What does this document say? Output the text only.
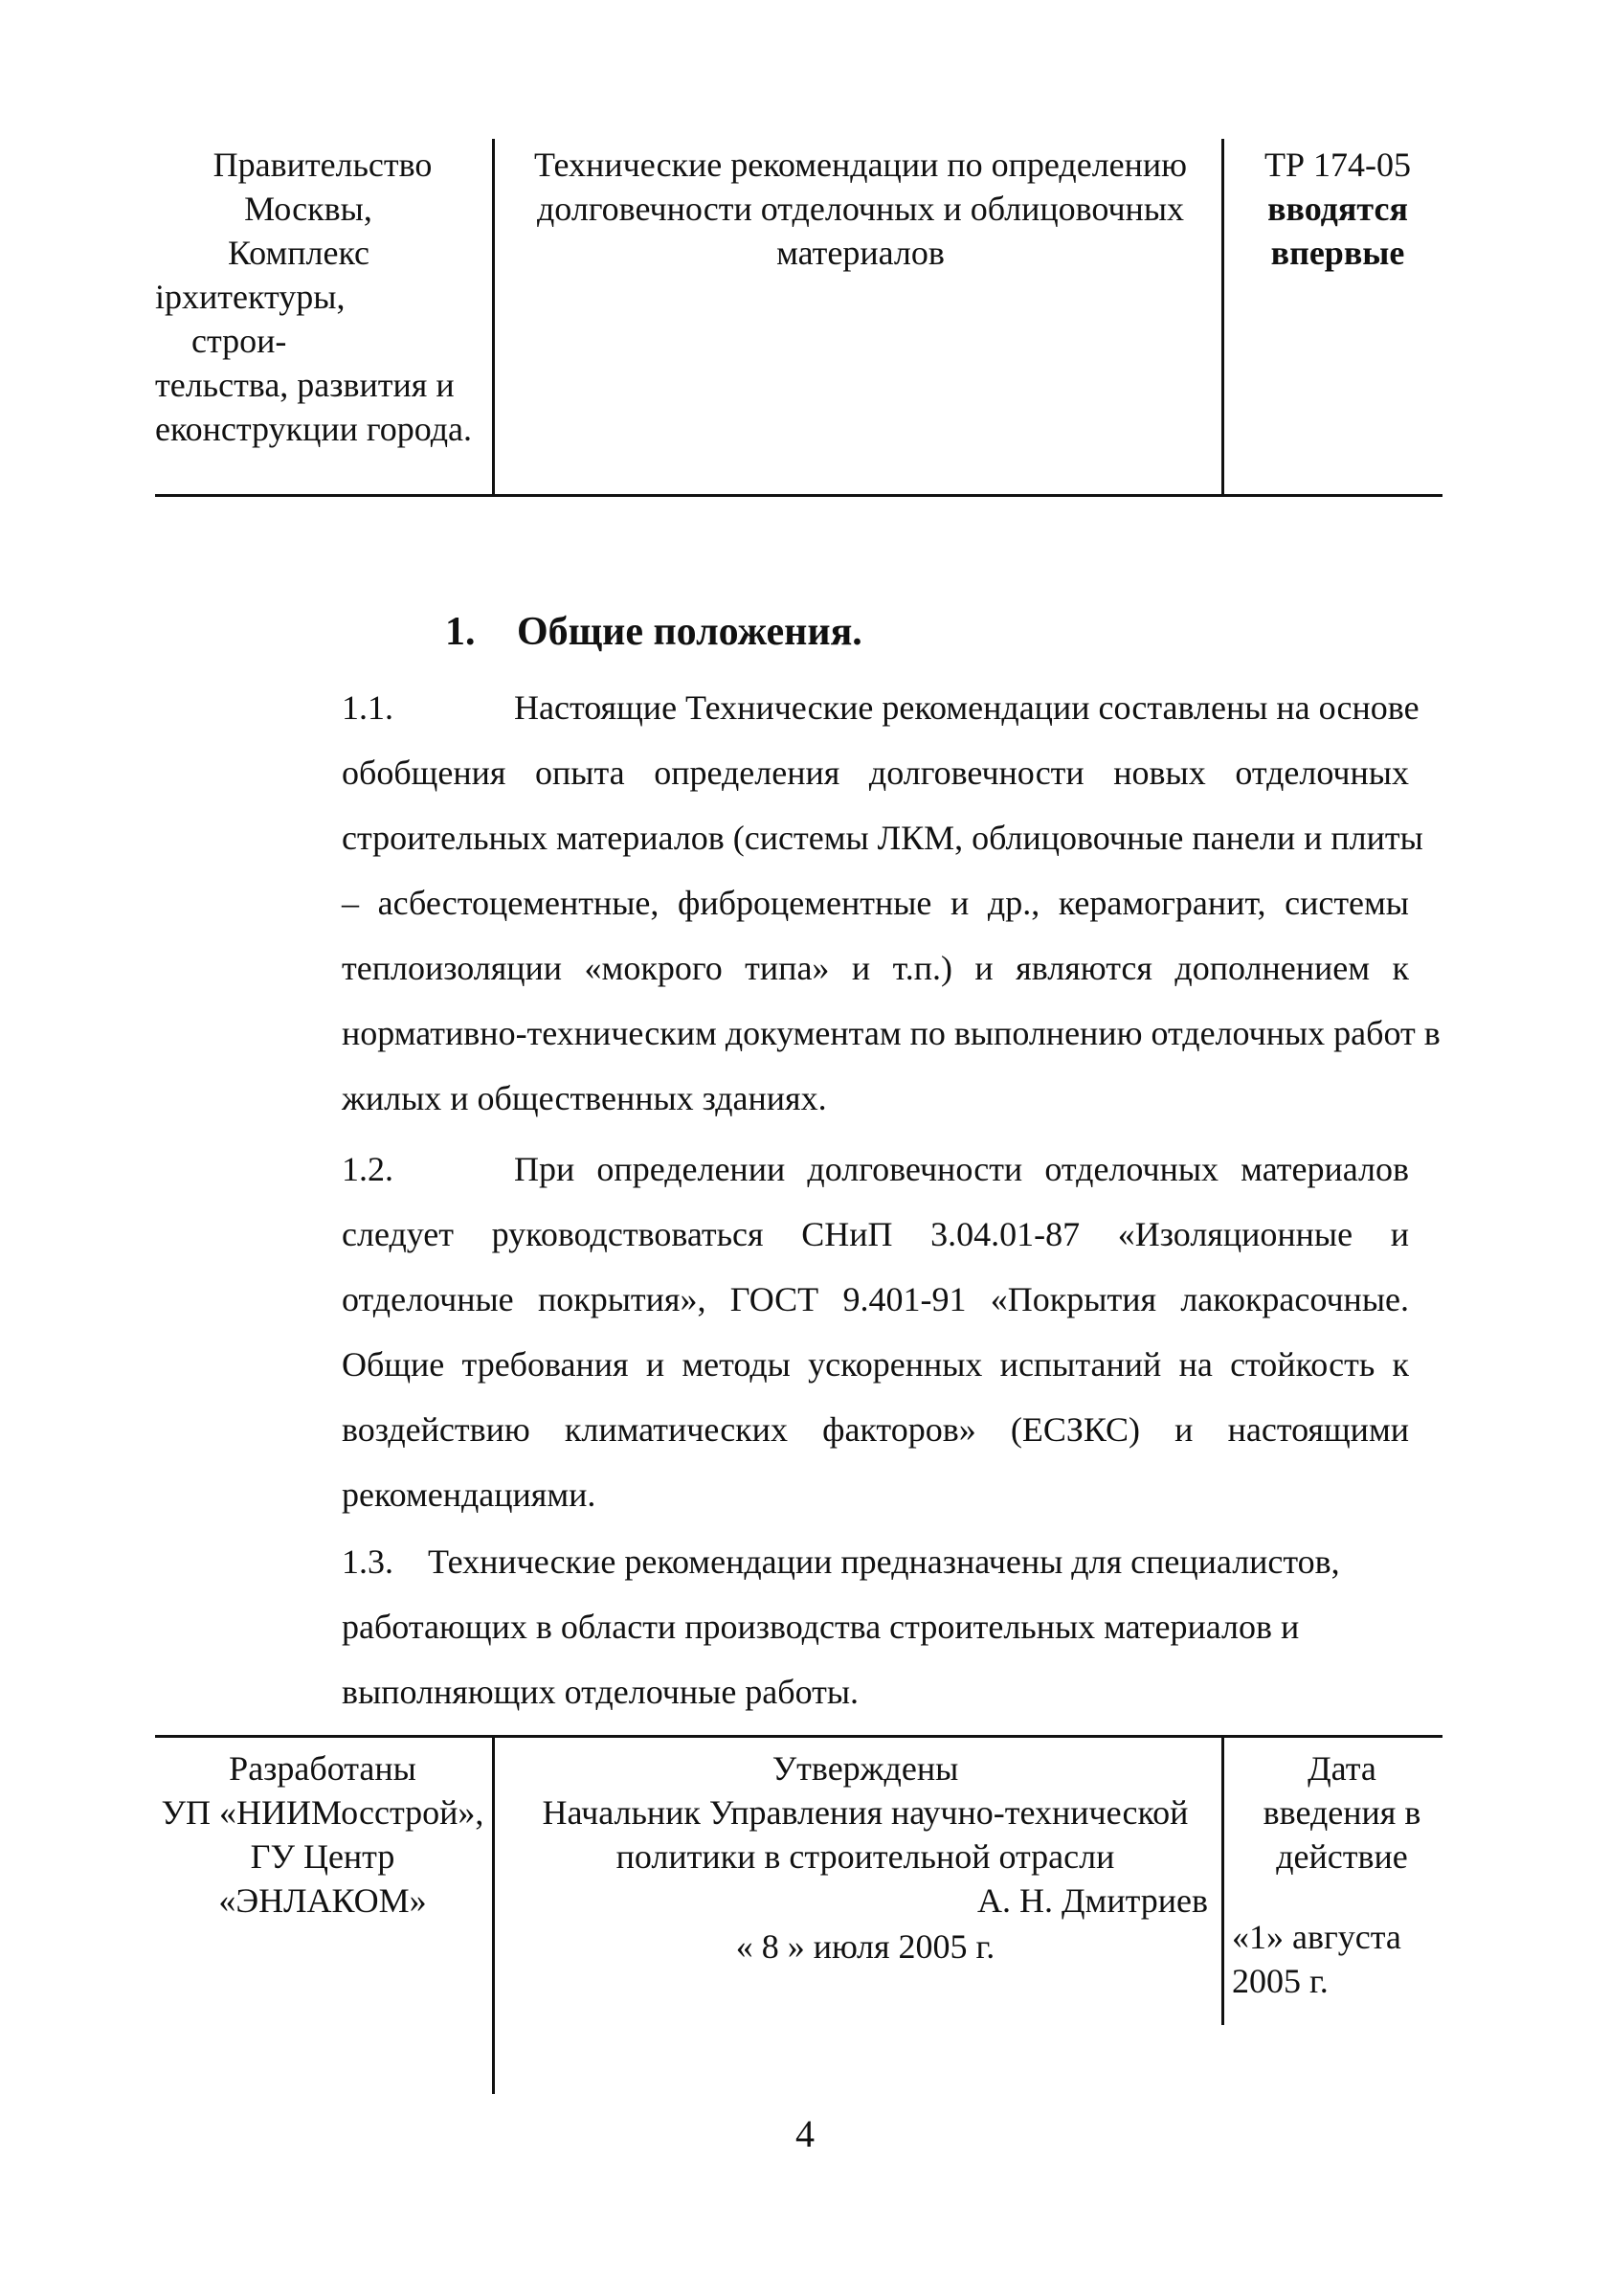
Правительство
Москвы,
Комплекс
ірхитектуры,
строи-
тельства, развития и
еконструкции города.
Технические рекомендации по определению
долговечности отделочных и облицовочных
материалов
ТР 174-05
вводятся
впервые
1. Общие положения.
1.1.	Настоящие Технические рекомендации составлены на основе
обобщения опыта определения долговечности новых отделочных
строительных материалов (системы ЛКМ, облицовочные панели и плиты
– асбестоцементные, фиброцементные и др., керамогранит, системы
теплоизоляции «мокрого типа» и т.п.) и являются дополнением к
нормативно-техническим документам по выполнению отделочных работ в
жилых и общественных зданиях.
1.2.	При определении долговечности отделочных материалов
следует руководствоваться СНиП 3.04.01-87 «Изоляционные и
отделочные покрытия», ГОСТ 9.401-91 «Покрытия лакокрасочные.
Общие требования и методы ускоренных испытаний на стойкость к
воздействию климатических факторов» (ЕСЗКС) и настоящими
рекомендациями.
1.3. Технические рекомендации предназначены для специалистов,
работающих в области производства строительных материалов и
выполняющих отделочные работы.
Разработаны
УП «НИИМосстрой»,
ГУ Центр
«ЭНЛАКОМ»
Утверждены
Начальник Управления научно-технической
политики в строительной отрасли
А. Н. Дмитриев
« 8 » июля 2005 г.
Дата
введения в
действие
«1» августа
2005 г.
4
